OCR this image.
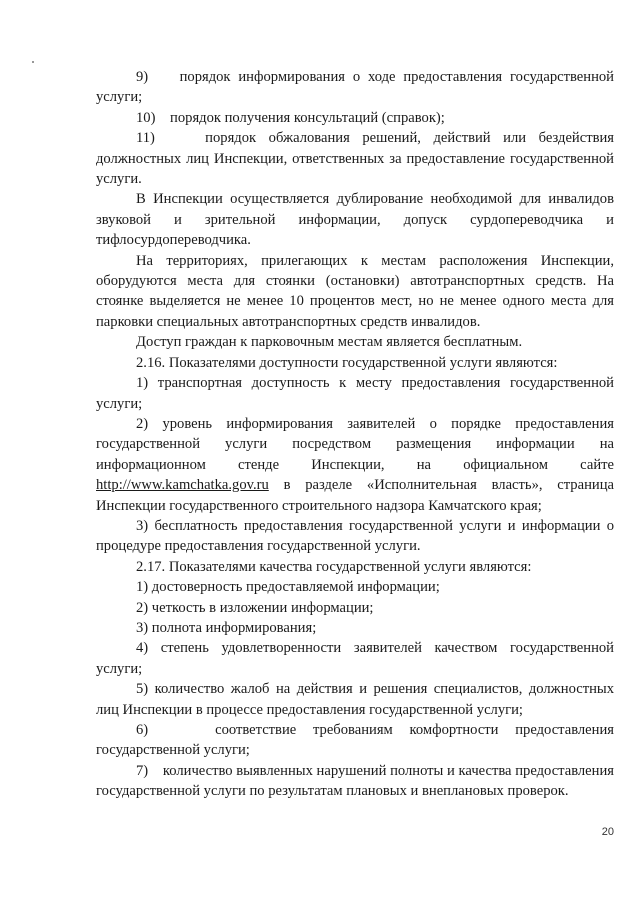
9)    порядок информирования о ходе предоставления государственной услуги;

10)    порядок получения консультаций (справок);

11)    порядок обжалования решений, действий или бездействия должностных лиц Инспекции, ответственных за предоставление государственной услуги.

В Инспекции осуществляется дублирование необходимой для инвалидов звуковой и зрительной информации, допуск сурдопереводчика и тифлосурдопереводчика.

На территориях, прилегающих к местам расположения Инспекции, оборудуются места для стоянки (остановки) автотранспортных средств. На стоянке выделяется не менее 10 процентов мест, но не менее одного места для парковки специальных автотранспортных средств инвалидов.

Доступ граждан к парковочным местам является бесплатным.

2.16. Показателями доступности государственной услуги являются:

1) транспортная доступность к месту предоставления государственной услуги;

2) уровень информирования заявителей о порядке предоставления государственной услуги посредством размещения информации на информационном стенде Инспекции, на официальном сайте http://www.kamchatka.gov.ru в разделе «Исполнительная власть», страница Инспекции государственного строительного надзора Камчатского края;

3) бесплатность предоставления государственной услуги и информации о процедуре предоставления государственной услуги.

2.17. Показателями качества государственной услуги являются:

1) достоверность предоставляемой информации;

2) четкость в изложении информации;

3) полнота информирования;

4) степень удовлетворенности заявителей качеством государственной услуги;

5) количество жалоб на действия и решения специалистов, должностных лиц Инспекции в процессе предоставления государственной услуги;

6)    соответствие требованиям комфортности предоставления государственной услуги;

7)    количество выявленных нарушений полноты и качества предоставления государственной услуги по результатам плановых и внеплановых проверок.

20
